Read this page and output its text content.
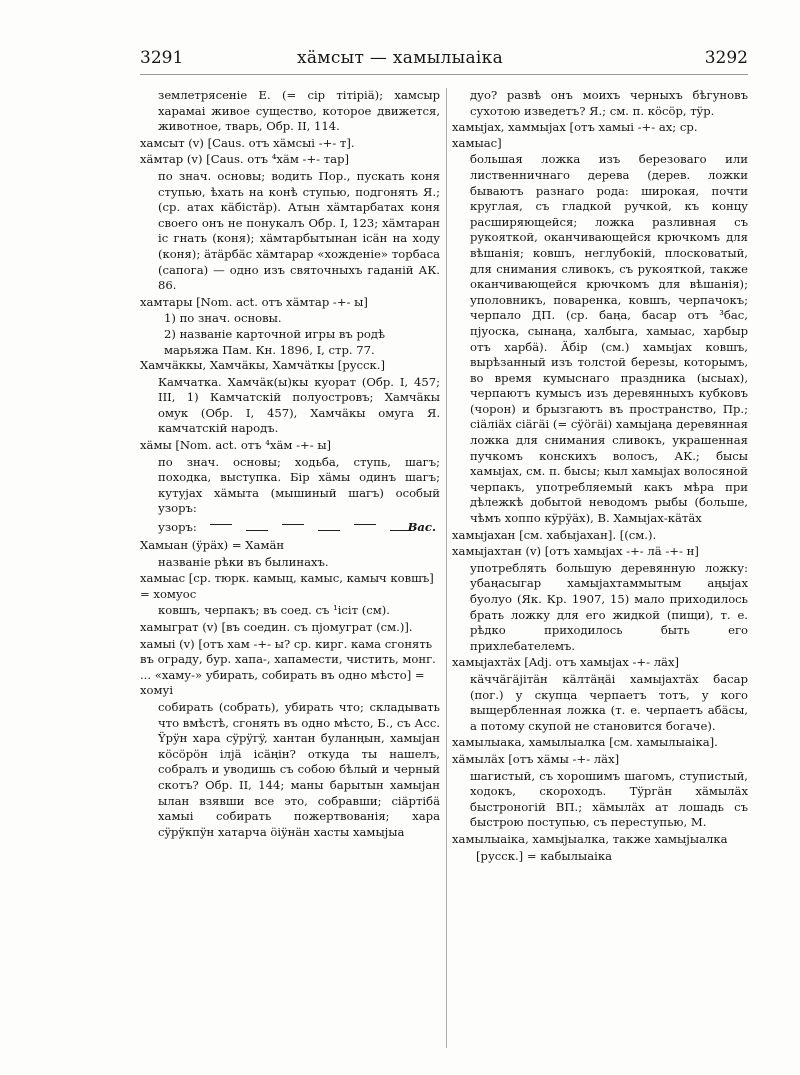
3291	хäмсыт — хамылыаiка	3292
землетрясенiе Е. (= сiр тiтiрiä); хамсыр харамаi живое существо, которое движется, животное, тварь, Обр. II, 114.
хамсыт (v) [Caus. отъ хäмсыi -+- т].
хäмтар (v) [Caus. отъ ⁴хäм -+- тар]
по знач. основы; водить Пор., пускать коня ступью, ѣхать на конѣ ступью, подгонять Я.; (ср. атах кäбiстäр). Атын хäмтарбатах коня своего онъ не понукалъ Обр. I, 123; хäмтаран iс гнать (коня); хäмтарбытынан iсäн на ходу (коня); äтäрбäс хäмтарар «хожденiе» торбаса (сапога) — одно изъ святочныхъ гаданiй АК. 86.
хамтары [Nom. act. отъ хäмтар -+- ы]
1) по знач. основы.
2) названiе карточной игры въ родѣ марьяжа Пам. Кн. 1896, I, стр. 77.
Хамчäккы, Хамчäкы, Хамчäткы [русск.]
Камчатка. Хамчäк(ы)кы куорат (Обр. I, 457; III, 1) Камчатскiй полуостровъ; Хамчäкы омук (Обр. I, 457), Хамчäкы омуга Я. камчатскiй народъ.
хäмы [Nom. act. отъ ⁴хäм -+- ы]
по знач. основы; ходьба, ступь, шагъ; походка, выступка. Бiр хäмы одинъ шагъ; кутуjах хäмыта (мышиный шагъ) особый узоръ:
узоръ:	Вас.
Хамыан (ÿрäх) = Хамäн
названiе рѣки въ былинахъ.
хамыас [ср. тюрк. камыц, камыс, камыч ковшъ] = хомуос
ковшъ, черпакъ; въ соед. съ ¹iсiт (см).
хамыграт (v) [въ соедин. съ пjомуграт (см.)].
хамыi (v) [отъ хам -+- ы? ср. кирг. кама сгонять въ ограду, бур. хапа-, хапамести, чистить, монг. ... «хаму-» убирать, собирать въ одно мѣсто] = хомуi
собирать (собрать), убирать что; складывать что вмѣстѣ, сгонять въ одно мѣсто, Б., съ Асс. Ÿрÿн хара сÿрÿгÿ, хантан буланңын, хамыjан кöсöрöн iлjä iсäңiн? откуда ты нашелъ, собралъ и уводишь съ собою бѣлый и черный скотъ? Обр. II, 144; маны барытын хамыjан ылан взявши все это, собравши; сiäртiбä хамыi собирать пожертвованiя; хара сÿрÿкпÿн хатарча öiÿнäн хасты хамыjыа
дуо? развѣ онъ моихъ черныхъ бѣгуновъ сухотою изведетъ? Я.; см. п. кöсöр, тÿр.
хамыjах, хаммыjах [отъ хамыi -+- ах; ср. хамыас]
большая ложка изъ березоваго или лиственничнаго дерева (дерев. ложки бываютъ разнаго рода: широкая, почти круглая, съ гладкой ручкой, къ концу расширяющейся; ложка разливная съ рукояткой, оканчивающейся крючкомъ для вѣшанiя; ковшъ, неглубокiй, плосковатый, для снимания сливокъ, съ рукояткой, также оканчивающейся крючкомъ для вѣшанiя); уполовникъ, поваренка, ковшъ, черпачокъ; черпало ДП. (ср. баңа, басар отъ ³бас, пjуоска, сынаңа, халбыга, хамыас, харбыр отъ харбä). Äбiр (см.) хамыjах ковшъ, вырѣзанный изъ толстой березы, которымъ, во время кумыснаго праздника (ысыах), черпаютъ кумысъ изъ деревянныхъ кубковъ (чорон) и брызгаютъ въ пространство, Пр.; сiäлiäх сiäгäi (= сÿöгäi) хамыjаңа деревянная ложка для снимания сливокъ, украшенная пучкомъ конскихъ волосъ, АК.; бысы хамыjах, см. п. бысы; кыл хамыjах волосяной черпакъ, употребляемый какъ мѣра при дѣлежкѣ добытой неводомъ рыбы (больше, чѣмъ хоппо кÿрÿäх), В. Хамыjах-кäтäх
хамыjахан [см. хабыjахан]. [(см.).
хамыjахтан (v) [отъ хамыjах -+- лä -+- н]
употреблять большую деревянную ложку: убаңасыгар хамыjахтаммытым аңыjах буолуо (Як. Кр. 1907, 15) мало приходилось брать ложку для его жидкой (пищи), т. е. рѣдко приходилось быть его прихлебателемъ.
хамыjахтäх [Adj. отъ хамыjах -+- лäх]
кäччäгäjiтäн кäлтäңäi хамыjахтäх басар (пог.) у скупца черпаетъ тотъ, у кого выщербленная ложка (т. е. черпаетъ абäсы, а потому скупой не становится богаче).
хамылыака, хамылыалка [см. хамылыаiка].
хäмылäх [отъ хäмы -+- лäх]
шагистый, съ хорошимъ шагомъ, ступистый, ходокъ, скороходъ. Тÿргäн хäмылäх быстроногiй ВП.; хäмылäх ат лошадь съ быстрою поступью, съ переступью, М.
хамылыаiка, хамыjыалка, также хамыjыалка
[русск.] = кабылыаiка
